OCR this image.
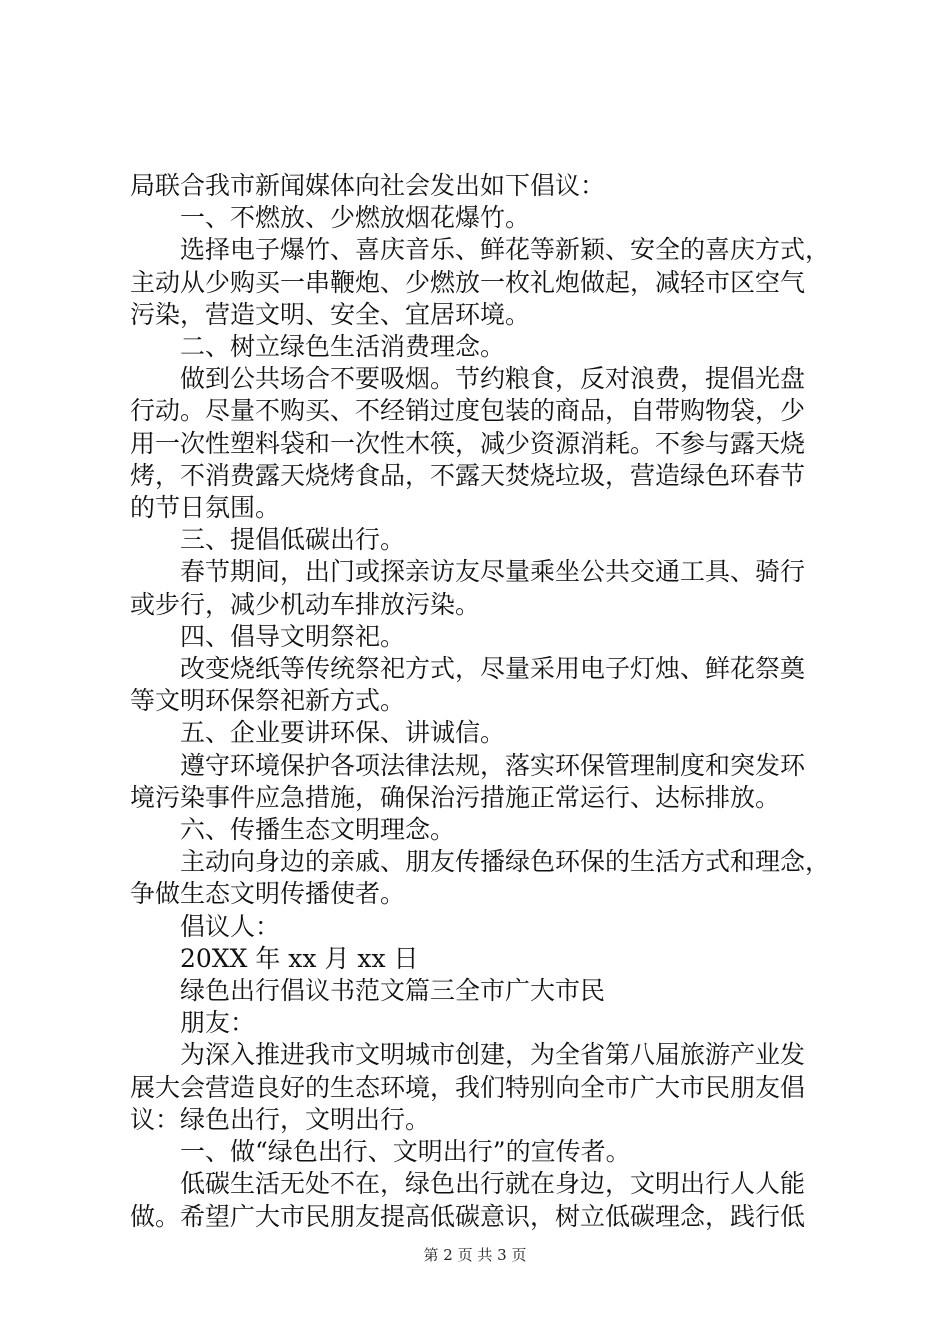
局联合我市新闻媒体向社会发出如下倡议：

一、不燃放、少燃放烟花爆竹。

选择电子爆竹、喜庆音乐、鲜花等新颖、安全的喜庆方式，

主动从少购买一串鞭炮、少燃放一枚礼炮做起，减轻市区空气

污染，营造文明、安全、宜居环境。

二、树立绿色生活消费理念。

做到公共场合不要吸烟。节约粮食，反对浪费，提倡光盘

行动。尽量不购买、不经销过度包装的商品，自带购物袋，少

用一次性塑料袋和一次性木筷，减少资源消耗。不参与露天烧

烤，不消费露天烧烤食品，不露天焚烧垃圾，营造绿色环春节

的节日氛围。

三、提倡低碳出行。

春节期间，出门或探亲访友尽量乘坐公共交通工具、骑行

或步行，减少机动车排放污染。

四、倡导文明祭祀。

改变烧纸等传统祭祀方式，尽量采用电子灯烛、鲜花祭奠

等文明环保祭祀新方式。

五、企业要讲环保、讲诚信。

遵守环境保护各项法律法规，落实环保管理制度和突发环

境污染事件应急措施，确保治污措施正常运行、达标排放。

六、传播生态文明理念。

主动向身边的亲戚、朋友传播绿色环保的生活方式和理念，

争做生态文明传播使者。

倡议人：

20XX 年 xx 月 xx 日

绿色出行倡议书范文篇三全市广大市民

朋友：

为深入推进我市文明城市创建，为全省第八届旅游产业发

展大会营造良好的生态环境，我们特别向全市广大市民朋友倡

议：绿色出行，文明出行。

一、做“绿色出行、文明出行”的宣传者。

低碳生活无处不在，绿色出行就在身边，文明出行人人能

做。希望广大市民朋友提高低碳意识，树立低碳理念，践行低

第 2 页 共 3 页
